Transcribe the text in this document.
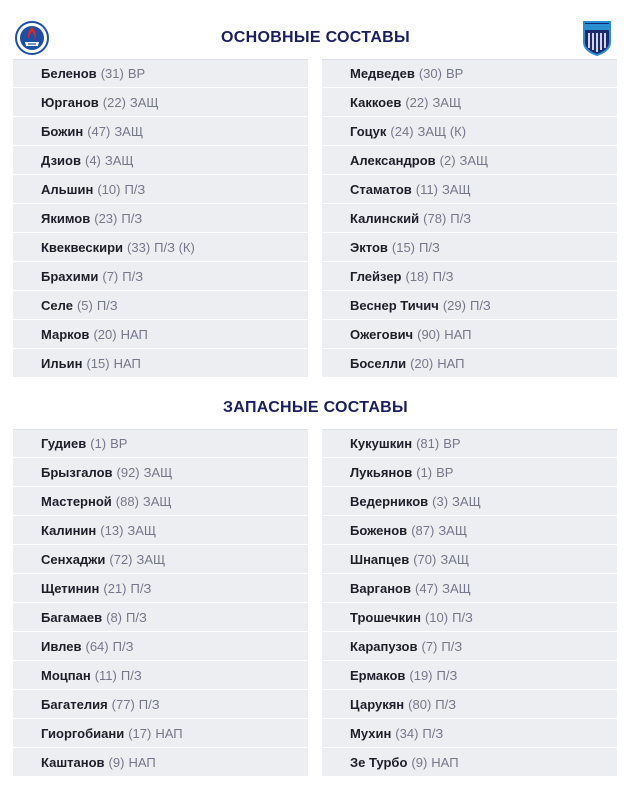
ОСНОВНЫЕ СОСТАВЫ
Беленов (31) ВР
Юрганов (22) ЗАЩ
Божин (47) ЗАЩ
Дзиов (4) ЗАЩ
Альшин (10) П/З
Якимов (23) П/З
Квеквескири (33) П/З (К)
Брахими (7) П/З
Селе (5) П/З
Марков (20) НАП
Ильин (15) НАП
Медведев (30) ВР
Каккоев (22) ЗАЩ
Гоцук (24) ЗАЩ (К)
Александров (2) ЗАЩ
Стаматов (11) ЗАЩ
Калинский (78) П/З
Эктов (15) П/З
Глейзер (18) П/З
Веснер Тичич (29) П/З
Ожегович (90) НАП
Боселли (20) НАП
ЗАПАСНЫЕ СОСТАВЫ
Гудиев (1) ВР
Брызгалов (92) ЗАЩ
Мастерной (88) ЗАЩ
Калинин (13) ЗАЩ
Сенхаджи (72) ЗАЩ
Щетинин (21) П/З
Багамаев (8) П/З
Ивлев (64) П/З
Моцпан (11) П/З
Багателия (77) П/З
Гиоргобиани (17) НАП
Каштанов (9) НАП
Кукушкин (81) ВР
Лукьянов (1) ВР
Ведерников (3) ЗАЩ
Боженов (87) ЗАЩ
Шнапцев (70) ЗАЩ
Варганов (47) ЗАЩ
Трошечкин (10) П/З
Карапузов (7) П/З
Ермаков (19) П/З
Царукян (80) П/З
Мухин (34) П/З
Зе Турбо (9) НАП
